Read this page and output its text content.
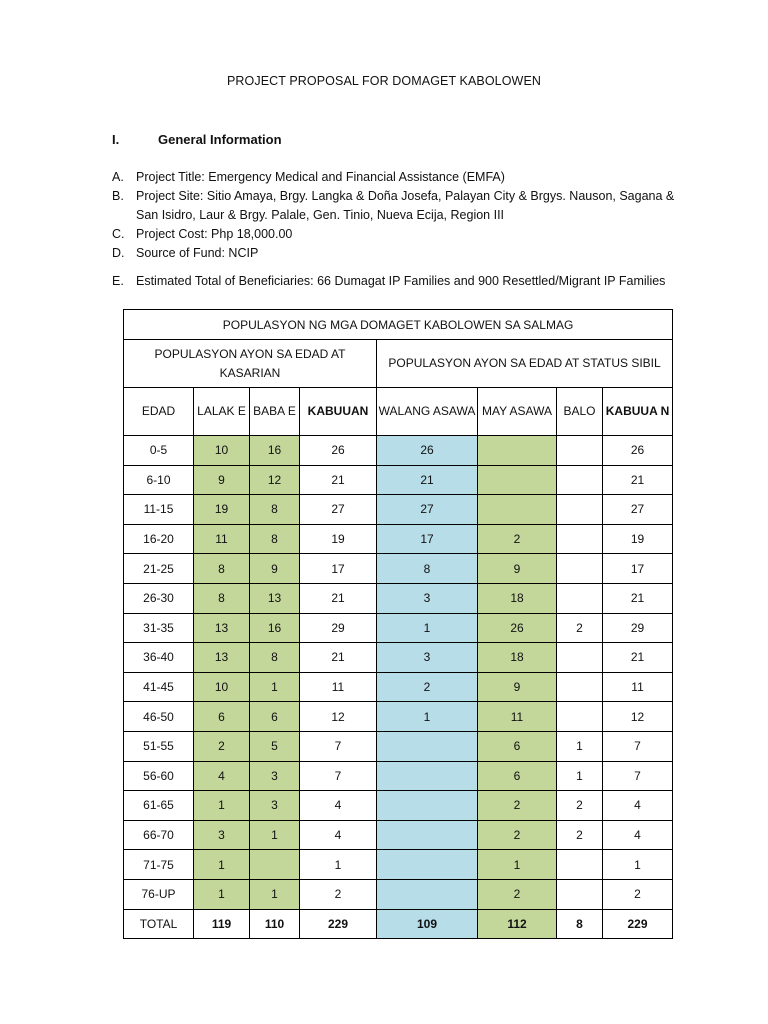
PROJECT PROPOSAL FOR DOMAGET KABOLOWEN
I.	General Information
A. Project Title: Emergency Medical and Financial Assistance (EMFA)
B. Project Site: Sitio Amaya, Brgy. Langka & Doña Josefa, Palayan City & Brgys. Nauson, Sagana & San Isidro, Laur & Brgy. Palale, Gen. Tinio, Nueva Ecija, Region III
C. Project Cost: Php 18,000.00
D. Source of Fund: NCIP
E. Estimated Total of Beneficiaries: 66 Dumagat IP Families and 900 Resettled/Migrant IP Families
POPULASYON NG MGA DOMAGET KABOLOWEN SA SALMAG							
POPULASYON AYON SA EDAD AT KASARIAN				POPULASYON AYON SA EDAD AT STATUS SIBIL			
EDAD	LALAK E	BABA E	KABUUAN	WALANG ASAWA	MAY ASAWA	BALO	KABUUA N
0-5	10	16	26	26			26
6-10	9	12	21	21			21
11-15	19	8	27	27			27
16-20	11	8	19	17	2		19
21-25	8	9	17	8	9		17
26-30	8	13	21	3	18		21
31-35	13	16	29	1	26	2	29
36-40	13	8	21	3	18		21
41-45	10	1	11	2	9		11
46-50	6	6	12	1	11		12
51-55	2	5	7		6	1	7
56-60	4	3	7		6	1	7
61-65	1	3	4		2	2	4
66-70	3	1	4		2	2	4
71-75	1		1		1		1
76-UP	1	1	2		2		2
TOTAL	119	110	229	109	112	8	229
